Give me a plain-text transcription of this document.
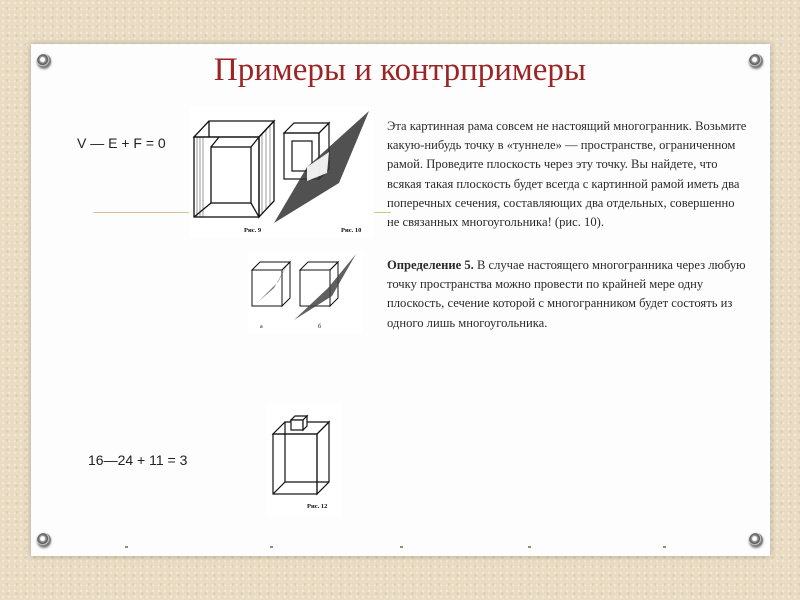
Примеры и контрпримеры
V — E + F = 0
16—24 + 11 = 3
Рис. 9	Рис. 10
а	б
Рис. 12
Эта картинная рама совсем не настоящий многогранник. Возьмите какую-нибудь точку в «туннеле» — пространстве, ограниченном рамой. Проведите плоскость через эту точку. Вы найдете, что всякая такая плоскость будет всегда с картинной рамой иметь два поперечных сечения, составляющих два отдельных, совершенно не связанных многоугольника! (рис. 10).
Определение 5. В случае настоящего многогранника через любую точку пространства можно провести по крайней мере одну плоскость, сечение которой с многогранником будет состоять из одного лишь многоугольника.
